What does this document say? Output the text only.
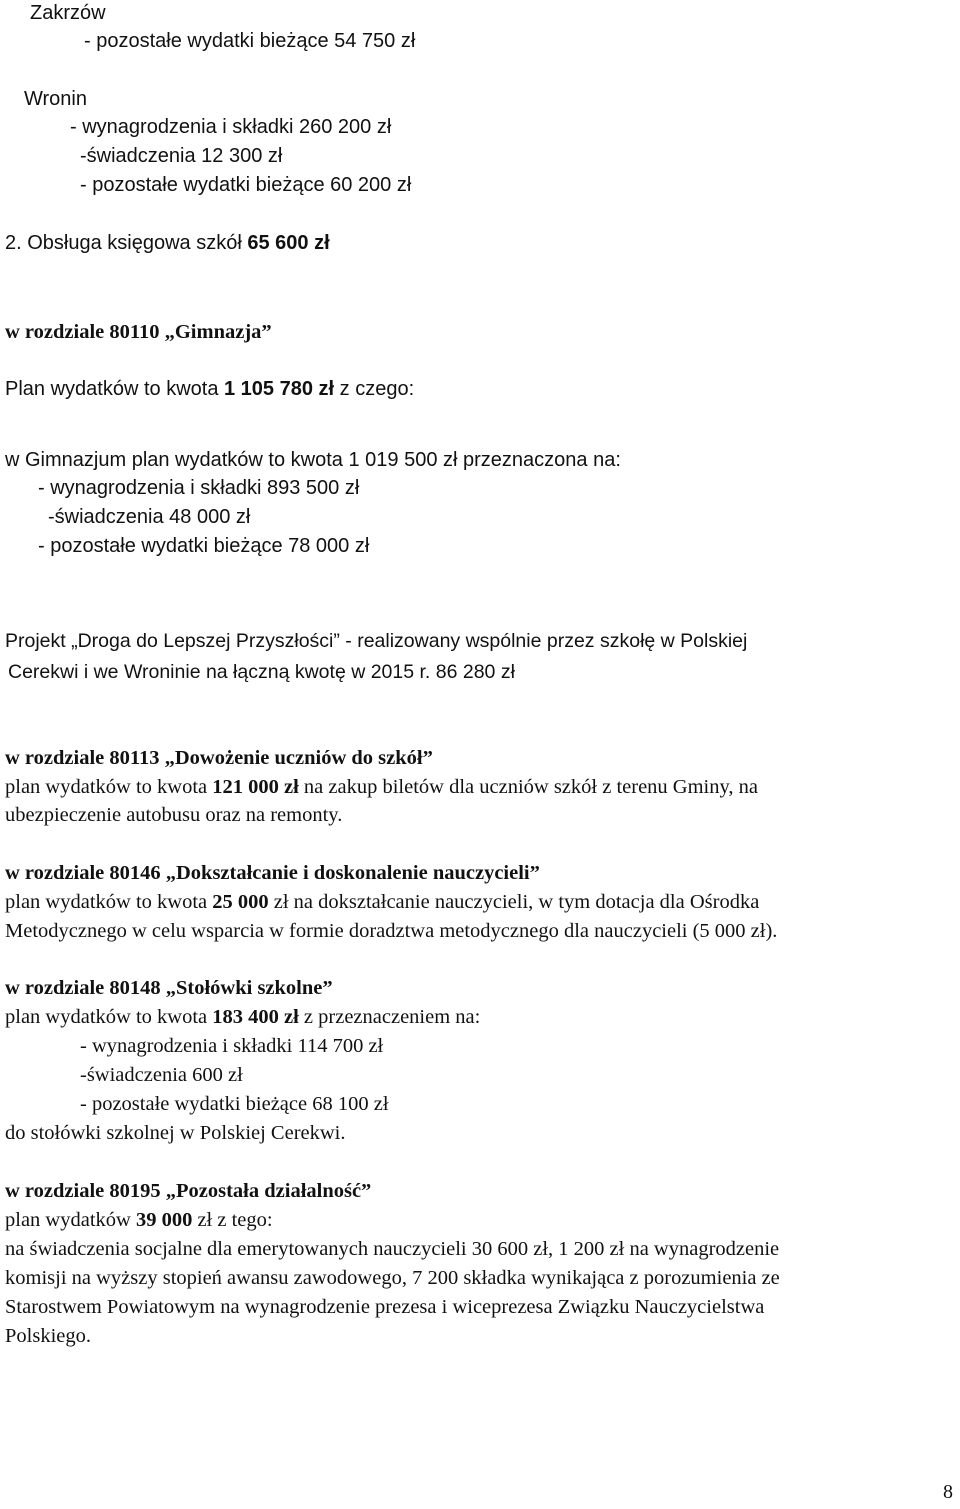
Zakrzów
- pozostałe wydatki bieżące 54 750 zł
Wronin
- wynagrodzenia i składki 260 200 zł
-świadczenia 12 300 zł
- pozostałe wydatki bieżące 60 200 zł
2. Obsługa księgowa szkół 65 600 zł
w rozdziale 80110 „Gimnazja”
Plan wydatków to kwota 1 105 780 zł z czego:
w Gimnazjum plan wydatków to kwota 1 019 500 zł przeznaczona na:
- wynagrodzenia i składki 893 500 zł
-świadczenia 48 000 zł
- pozostałe wydatki bieżące 78 000 zł
Projekt „Droga do Lepszej Przyszłości” - realizowany wspólnie przez szkołę w Polskiej
Cerekwi i we Wroninie na łączną kwotę w 2015 r. 86 280 zł
w rozdziale 80113 „Dowożenie uczniów do szkół”
plan wydatków to kwota 121 000 zł na zakup biletów dla uczniów szkół z terenu Gminy, na
ubezpieczenie autobusu oraz na remonty.
w rozdziale 80146 „Dokształcanie i doskonalenie nauczycieli”
plan wydatków to kwota 25 000 zł na dokształcanie nauczycieli, w tym dotacja dla Ośrodka
Metodycznego w celu wsparcia w formie doradztwa metodycznego dla nauczycieli (5 000 zł).
w rozdziale 80148 „Stołówki szkolne”
plan wydatków to kwota 183 400 zł z przeznaczeniem na:
- wynagrodzenia i składki 114 700 zł
-świadczenia 600 zł
- pozostałe wydatki bieżące 68 100 zł
do stołówki szkolnej w Polskiej Cerekwi.
w rozdziale 80195 „Pozostała działalność”
plan wydatków 39 000 zł z tego:
na świadczenia socjalne dla emerytowanych nauczycieli 30 600 zł, 1 200 zł na wynagrodzenie
komisji na wyższy stopień awansu zawodowego, 7 200 składka wynikająca z porozumienia ze
Starostwem Powiatowym na wynagrodzenie prezesa i wiceprezesa Związku Nauczycielstwa
Polskiego.
8
